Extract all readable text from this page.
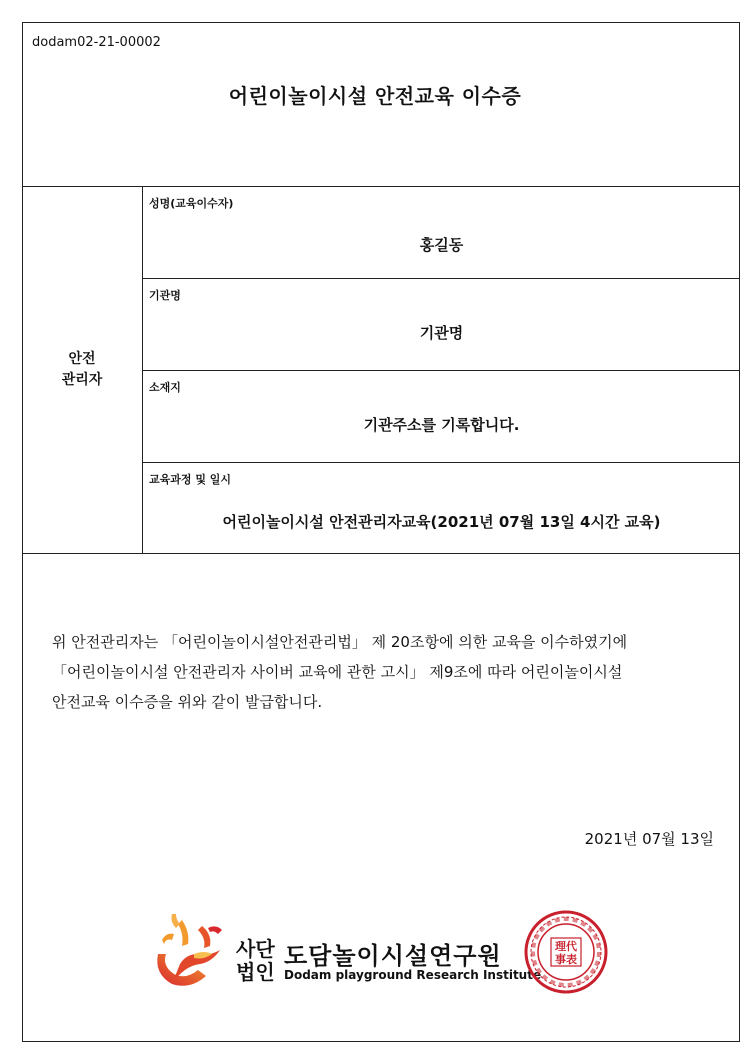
dodam02-21-00002
어린이놀이시설 안전교육 이수증
안전
관리자
성명(교육이수자)
홍길동
기관명
기관명
소재지
기관주소를 기록합니다.
교육과정 및 일시
어린이놀이시설 안전관리자교육(2021년 07월 13일 4시간 교육)
위 안전관리자는 「어린이놀이시설안전관리법」 제 20조항에 의한 교육을 이수하였기에
「어린이놀이시설 안전관리자 사이버 교육에 관한 고시」 제9조에 따라 어린이놀이시설
안전교육 이수증을 위와 같이 발급합니다.
2021년 07월 13일
사단
법인
도담놀이시설연구원
Dodam playground Research Institute
理代
事表
